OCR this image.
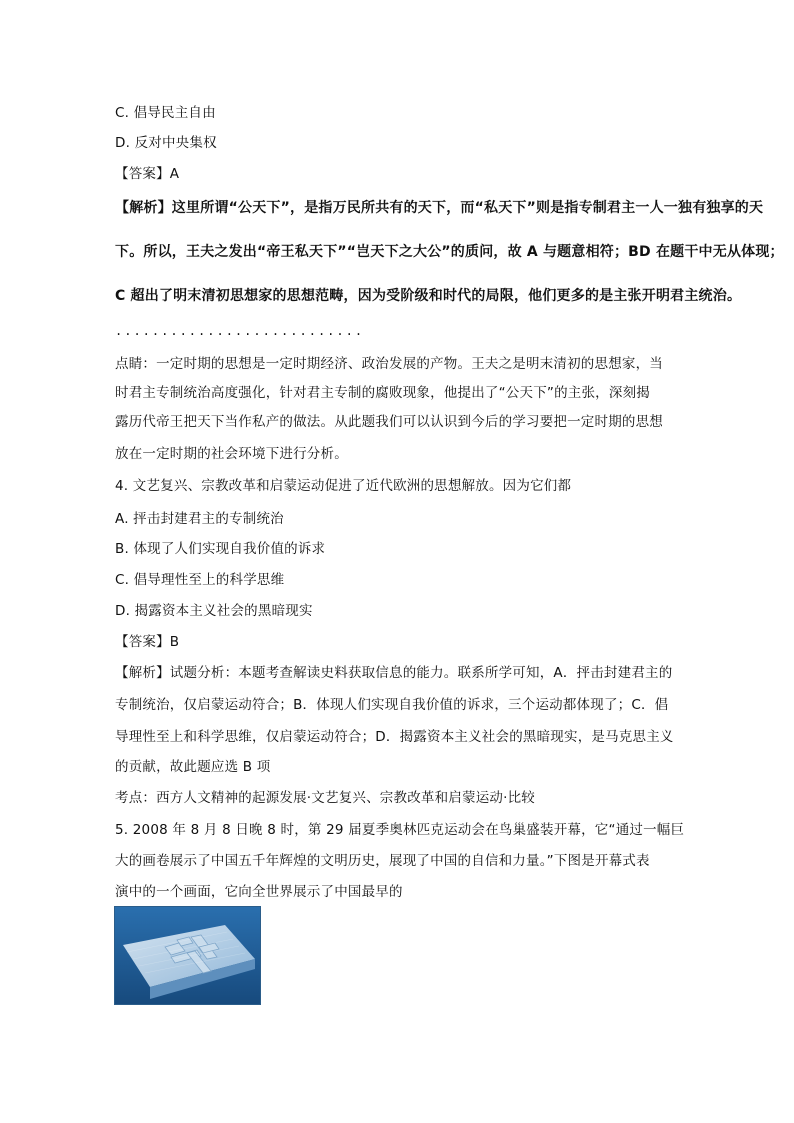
C. 倡导民主自由
D. 反对中央集权
【答案】A
【解析】这里所谓“公天下”，是指万民所共有的天下，而“私天下”则是指专制君主一人一独有独享的天
下。所以，王夫之发出“帝王私天下”“岂天下之大公”的质问，故 A 与题意相符；BD 在题干中无从体现；
C 超出了明末清初思想家的思想范畴，因为受阶级和时代的局限，他们更多的是主张开明君主统治。
...........................
点睛：一定时期的思想是一定时期经济、政治发展的产物。王夫之是明末清初的思想家，当
时君主专制统治高度强化，针对君主专制的腐败现象，他提出了“公天下”的主张，深刻揭
露历代帝王把天下当作私产的做法。从此题我们可以认识到今后的学习要把一定时期的思想
放在一定时期的社会环境下进行分析。
4. 文艺复兴、宗教改革和启蒙运动促进了近代欧洲的思想解放。因为它们都
A. 抨击封建君主的专制统治
B. 体现了人们实现自我价值的诉求
C. 倡导理性至上的科学思维
D. 揭露资本主义社会的黑暗现实
【答案】B
【解析】试题分析：本题考查解读史料获取信息的能力。联系所学可知，A．抨击封建君主的
专制统治，仅启蒙运动符合；B．体现人们实现自我价值的诉求，三个运动都体现了；C．倡
导理性至上和科学思维，仅启蒙运动符合；D．揭露资本主义社会的黑暗现实，是马克思主义
的贡献，故此题应选 B 项
考点：西方人文精神的起源发展·文艺复兴、宗教改革和启蒙运动·比较
5. 2008 年 8 月 8 日晚 8 时，第 29 届夏季奥林匹克运动会在鸟巢盛装开幕，它“通过一幅巨
大的画卷展示了中国五千年辉煌的文明历史，展现了中国的自信和力量。”下图是开幕式表
演中的一个画面，它向全世界展示了中国最早的
